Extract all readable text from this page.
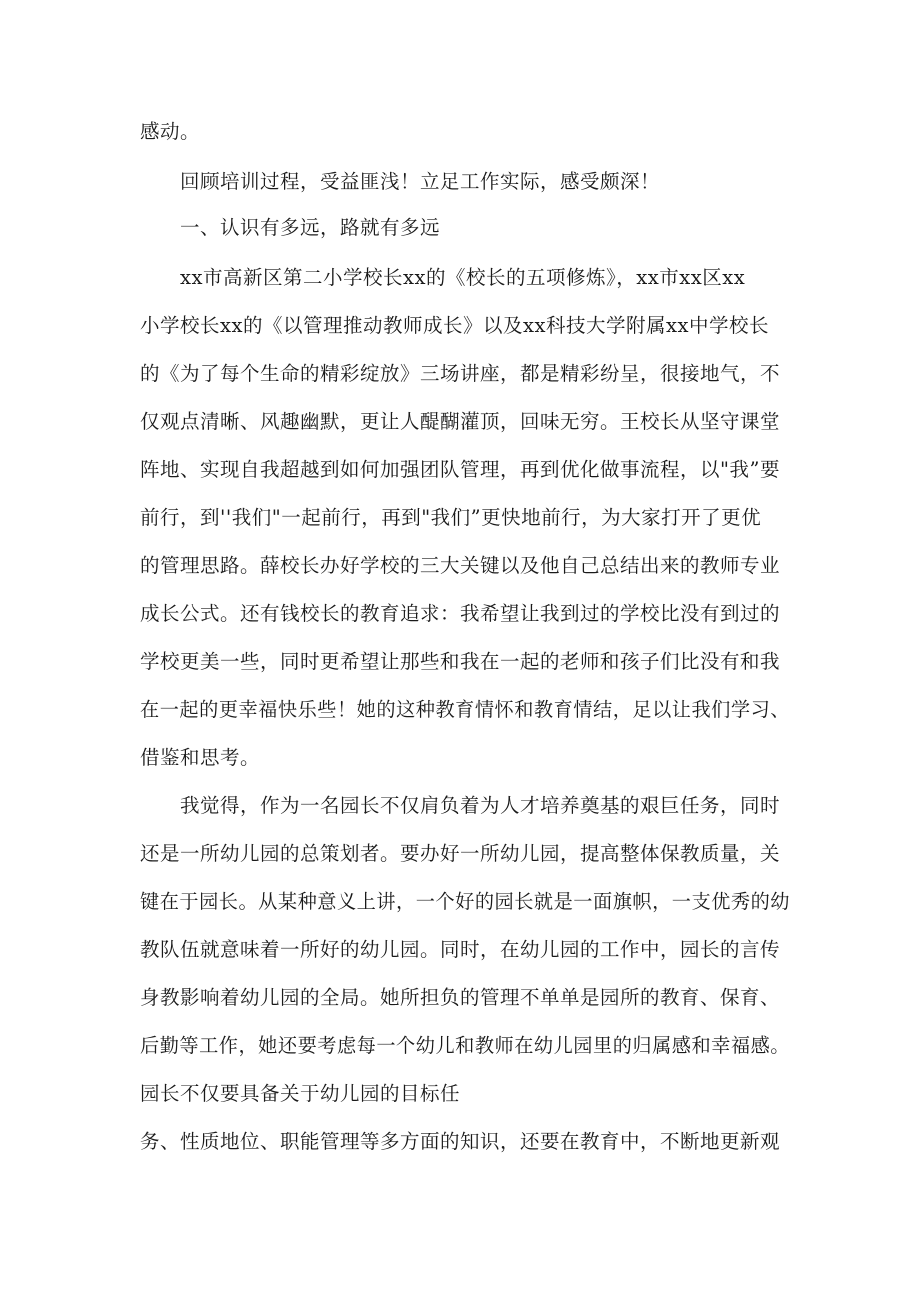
感动。
回顾培训过程，受益匪浅！立足工作实际，感受颇深！
一、认识有多远，路就有多远
xx市高新区第二小学校长xx的《校长的五项修炼》，xx市xx区xx
小学校长xx的《以管理推动教师成长》以及xx科技大学附属xx中学校长
的《为了每个生命的精彩绽放》三场讲座，都是精彩纷呈，很接地气，不
仅观点清晰、风趣幽默，更让人醍醐灌顶，回味无穷。王校长从坚守课堂
阵地、实现自我超越到如何加强团队管理，再到优化做事流程，以"我”要
前行，到''我们"一起前行，再到"我们”更快地前行，为大家打开了更优
的管理思路。薛校长办好学校的三大关键以及他自己总结出来的教师专业
成长公式。还有钱校长的教育追求：我希望让我到过的学校比没有到过的
学校更美一些，同时更希望让那些和我在一起的老师和孩子们比没有和我
在一起的更幸福快乐些！她的这种教育情怀和教育情结，足以让我们学习、
借鉴和思考。
我觉得，作为一名园长不仅肩负着为人才培养奠基的艰巨任务，同时
还是一所幼儿园的总策划者。要办好一所幼儿园，提高整体保教质量，关
键在于园长。从某种意义上讲，一个好的园长就是一面旗帜，一支优秀的幼
教队伍就意味着一所好的幼儿园。同时，在幼儿园的工作中，园长的言传
身教影响着幼儿园的全局。她所担负的管理不单单是园所的教育、保育、
后勤等工作，她还要考虑每一个幼儿和教师在幼儿园里的归属感和幸福感。
园长不仅要具备关于幼儿园的目标任
务、性质地位、职能管理等多方面的知识，还要在教育中，不断地更新观
